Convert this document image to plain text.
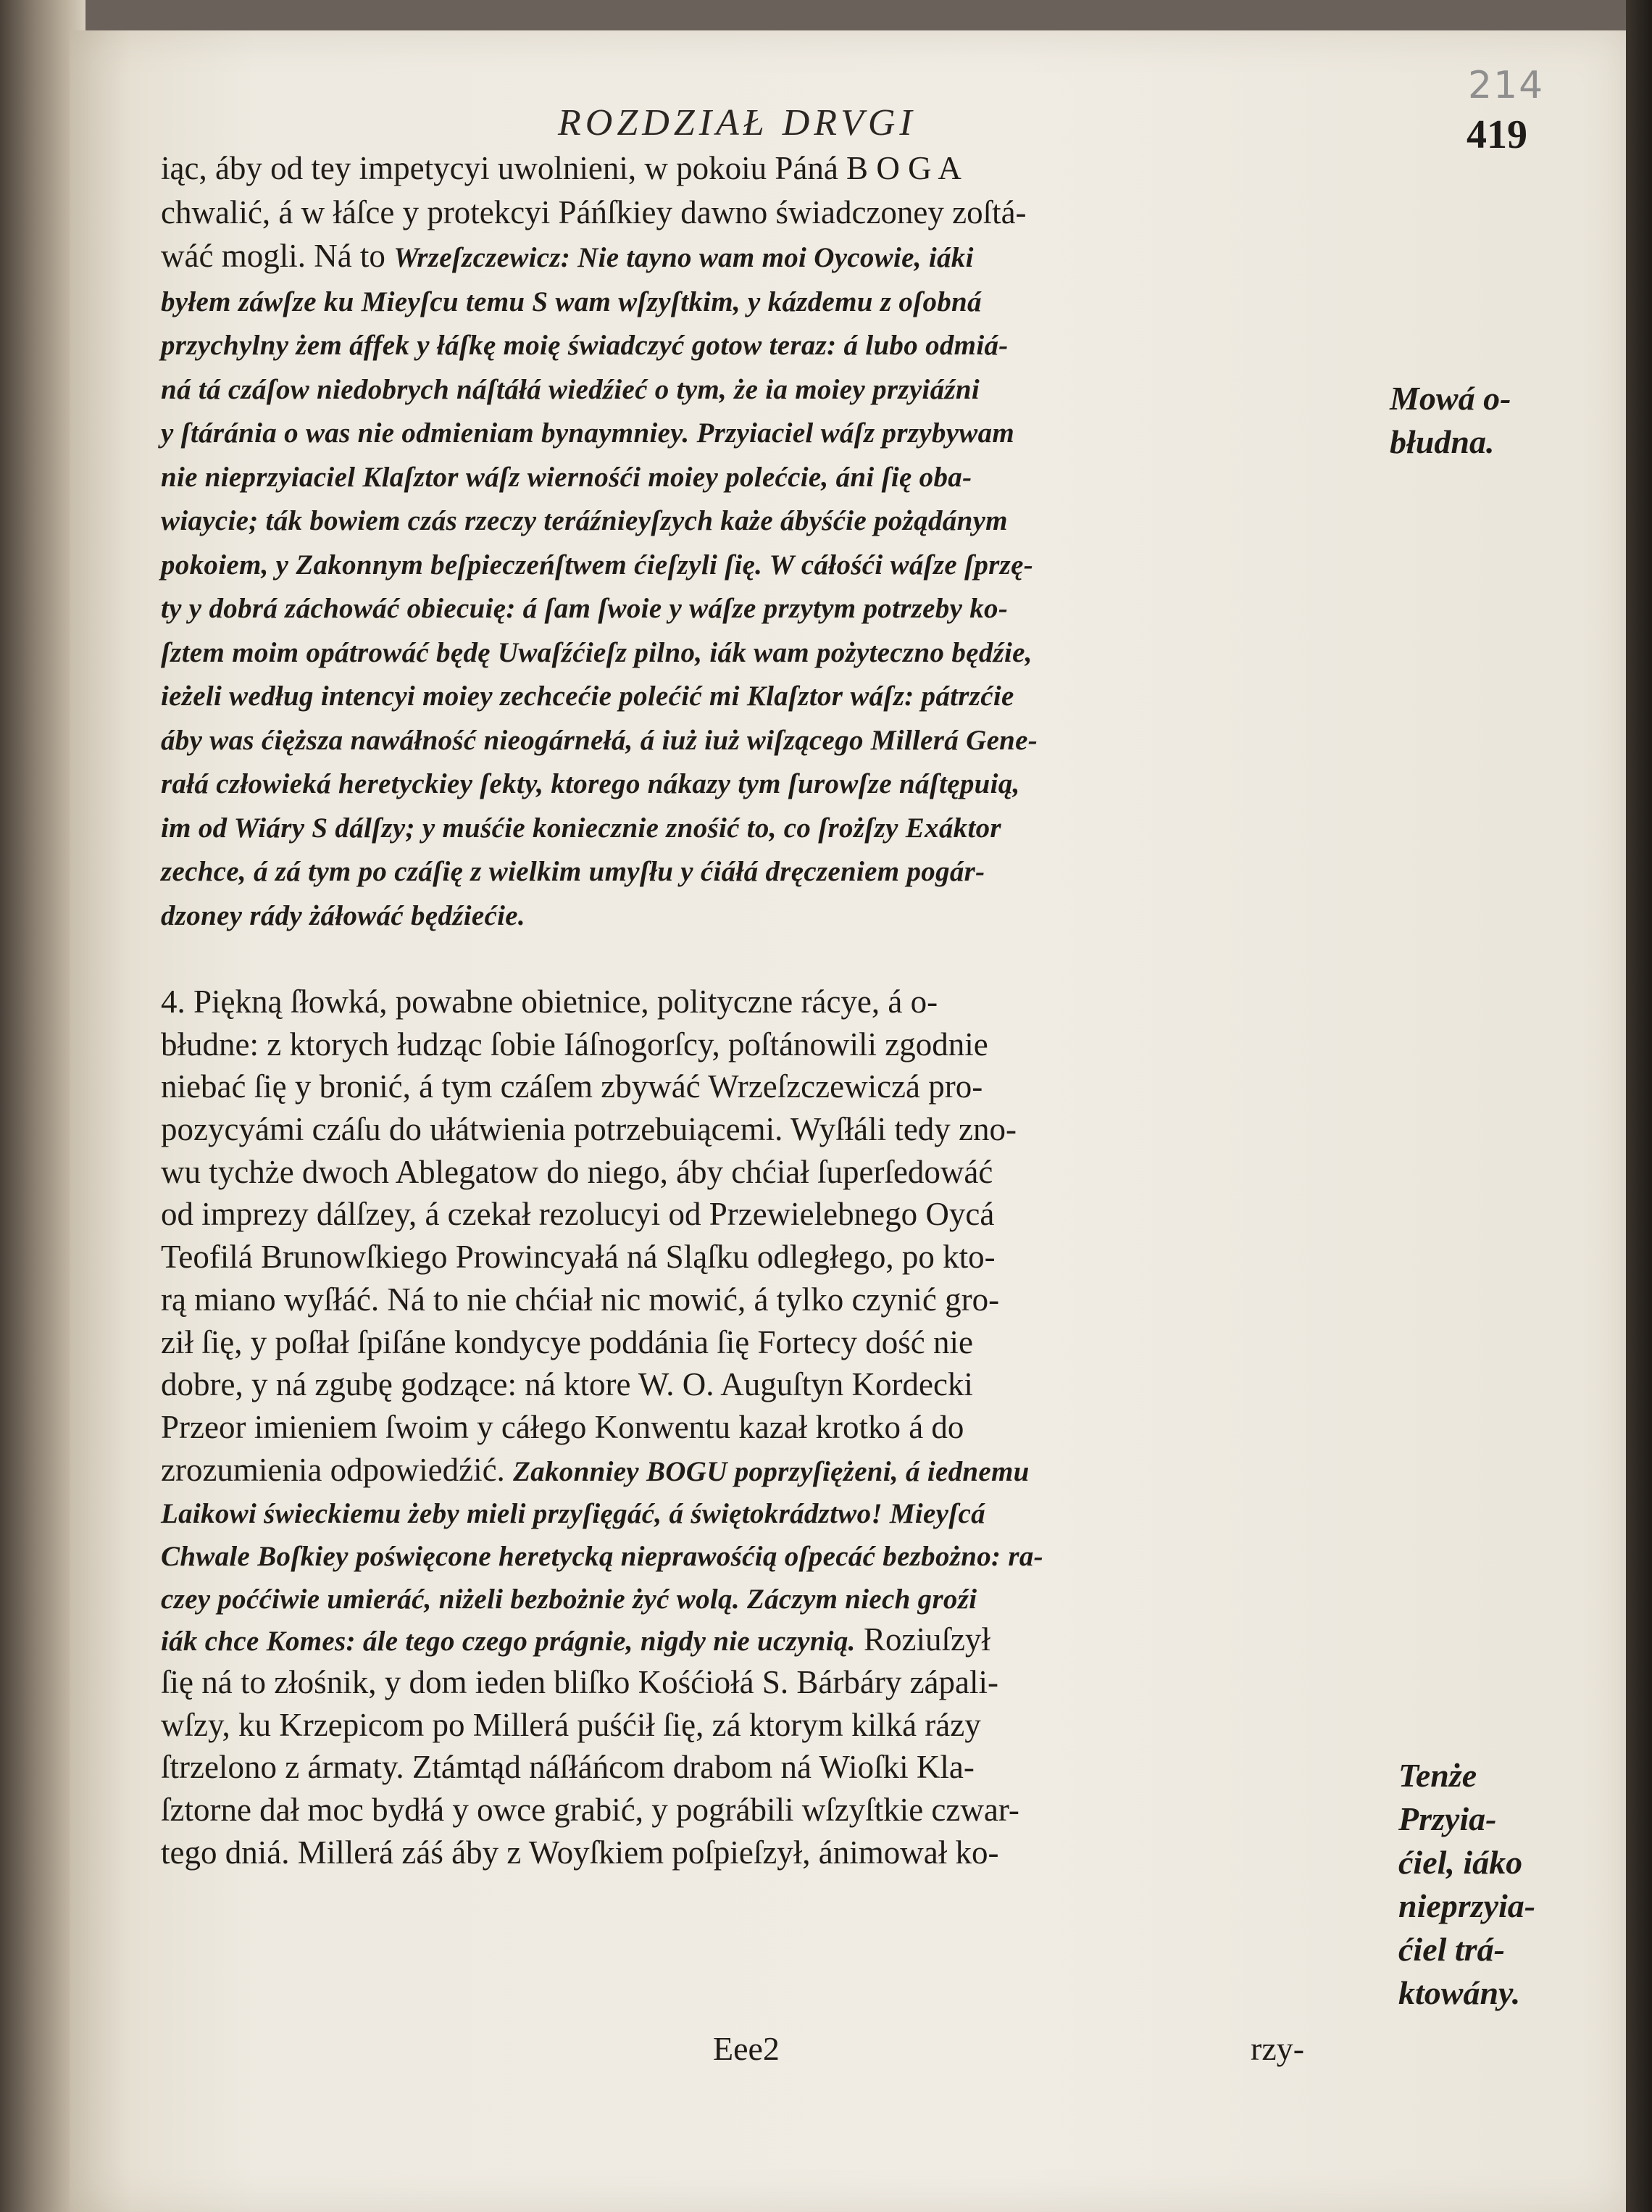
214
ROZDZIAŁ DRVGI	419
iąc, áby od tey impetycyi uwolnieni, w pokoiu Páná B O G A
chwalić, á w łáſce y protekcyi Páńſkiey dawno świadczoney zoſtá-
wáć mogli. Ná to Wrzeſzczewicz: Nie tayno wam moi Oycowie, iáki
byłem záwſze ku Mieyſcu temu S wam wſzyſtkim, y kázdemu z oſobná
przychylny żem áffek y łáſkę moię świadczyć gotow teraz: á lubo odmiá-
ná tá czáſow niedobrych náſtáłá wiedźieć o tym, że ia moiey przyiáźni
y ſtáránia o was nie odmieniam bynaymniey. Przyiaciel wáſz przybywam
nie nieprzyiaciel Klaſztor wáſz wiernośći moiey polećcie, áni ſię oba-
wiaycie; ták bowiem czás rzeczy teráźnieyſzych każe ábyśćie pożądánym
pokoiem, y Zakonnym beſpieczeńſtwem ćieſzyli ſię. W cáłośći wáſze ſprzę-
ty y dobrá záchowáć obiecuię: á ſam ſwoie y wáſze przytym potrzeby ko-
ſztem moim opátrowáć będę Uwaſźćieſz pilno, iák wam pożyteczno będźie,
ieżeli według intencyi moiey zechcećie polećić mi Klaſztor wáſz: pátrzćie
áby was ćięższa nawáłność nieogárnełá, á iuż iuż wiſzącego Millerá Gene-
rałá człowieká heretyckiey ſekty, ktorego nákazy tym ſurowſze náſtępuią,
im od Wiáry S dálſzy; y muśćie koniecznie znośić to, co ſrożſzy Exáktor
zechce, á zá tym po czáſię z wielkim umyſłu y ćiáłá dręczeniem pogár-
dzoney rády żáłowáć będźiećie.
4. Piękną ſłowká, powabne obietnice, polityczne rácye, á o-
błudne: z ktorych łudząc ſobie Iáſnogorſcy, poſtánowili zgodnie
niebać ſię y bronić, á tym czáſem zbywáć Wrzeſzczewiczá pro-
pozycyámi czáſu do ułátwienia potrzebuiącemi. Wyſłáli tedy zno-
wu tychże dwoch Ablegatow do niego, áby chćiał ſuperſedowáć
od imprezy dálſzey, á czekał rezolucyi od Przewielebnego Oycá
Teofilá Brunowſkiego Prowincyałá ná Sląſku odległego, po kto-
rą miano wyſłáć. Ná to nie chćiał nic mowić, á tylko czynić gro-
ził ſię, y poſłał ſpiſáne kondycye poddánia ſię Fortecy dość nie
dobre, y ná zgubę godzące: ná ktore W. O. Auguſtyn Kordecki
Przeor imieniem ſwoim y cáłego Konwentu kazał krotko á do
zrozumienia odpowiedźić. Zakonniey BOGU poprzyſiężeni, á iednemu
Laikowi świeckiemu żeby mieli przyſięgáć, á świętokrádztwo! Mieyſcá
Chwale Boſkiey poświęcone heretycką nieprawośćią oſpecáć bezbożno: ra-
czey poććiwie umieráć, niżeli bezbożnie żyć wolą. Záczym niech groźi
iák chce Komes: ále tego czego prágnie, nigdy nie uczynią. Roziuſzył
ſię ná to złośnik, y dom ieden bliſko Kośćiołá S. Bárbáry zápali-
wſzy, ku Krzepicom po Millerá puśćił ſię, zá ktorym kilká rázy
ſtrzelono z ármaty. Ztámtąd náſłáńcom drabom ná Wioſki Kla-
ſztorne dał moc bydłá y owce grabić, y pográbili wſzyſtkie czwar-
tego dniá. Millerá záś áby z Woyſkiem poſpieſzył, ánimował ko-
Mowá o-
błudna.
Tenże
Przyia-
ćiel, iáko
nieprzyia-
ćiel trá-
ktowány.
Eee2	rzy-
